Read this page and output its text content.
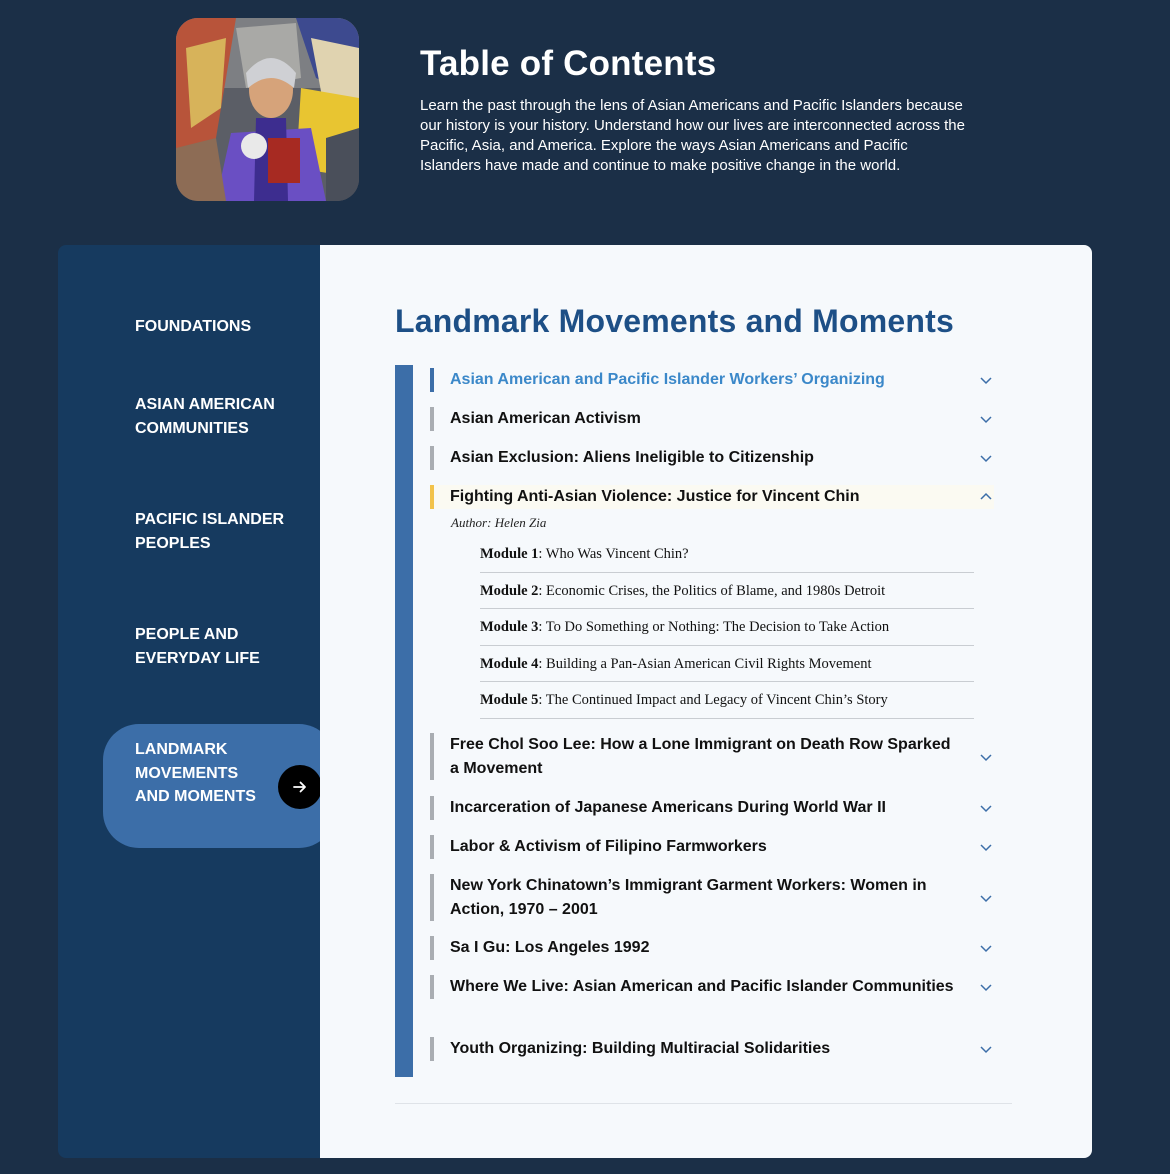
Table of Contents

Learn the past through the lens of Asian Americans and Pacific Islanders because our history is your history. Understand how our lives are interconnected across the Pacific, Asia, and America. Explore the ways Asian Americans and Pacific Islanders have made and continue to make positive change in the world.

FOUNDATIONS
ASIAN AMERICAN COMMUNITIES
PACIFIC ISLANDER PEOPLES
PEOPLE AND EVERYDAY LIFE
LANDMARK MOVEMENTS AND MOMENTS
Landmark Movements and Moments
Asian American and Pacific Islander Workers’ Organizing
Asian American Activism
Asian Exclusion: Aliens Ineligible to Citizenship
Fighting Anti-Asian Violence: Justice for Vincent Chin
Author: Helen Zia
Module 1: Who Was Vincent Chin?
Module 2: Economic Crises, the Politics of Blame, and 1980s Detroit
Module 3: To Do Something or Nothing: The Decision to Take Action
Module 4: Building a Pan-Asian American Civil Rights Movement
Module 5: The Continued Impact and Legacy of Vincent Chin’s Story
Free Chol Soo Lee: How a Lone Immigrant on Death Row Sparked a Movement
Incarceration of Japanese Americans During World War II
Labor & Activism of Filipino Farmworkers
New York Chinatown’s Immigrant Garment Workers: Women in Action, 1970 – 2001
Sa I Gu: Los Angeles 1992
Where We Live: Asian American and Pacific Islander Communities
Youth Organizing: Building Multiracial Solidarities
